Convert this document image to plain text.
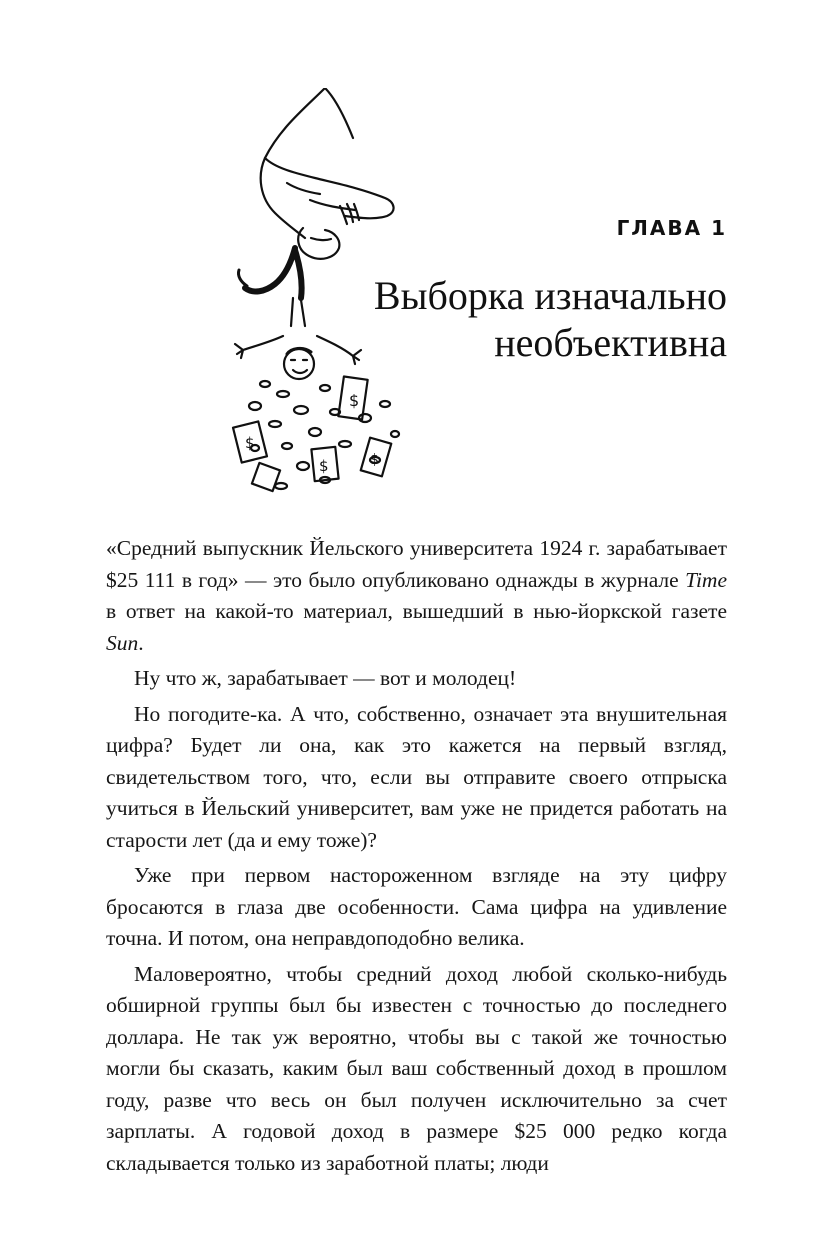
$
$
$	$
ГЛАВА 1
Выборка изначально
необъективна

«Средний выпускник Йельского университета 1924 г. зарабатывает $25 111 в год» — это было опубликовано однажды в журнале Time в ответ на какой-то материал, вышедший в нью-йоркской газете Sun.

Ну что ж, зарабатывает — вот и молодец!

Но погодите-ка. А что, собственно, означает эта внушительная цифра? Будет ли она, как это кажется на первый взгляд, свидетельством того, что, если вы отправите своего отпрыска учиться в Йельский университет, вам уже не придется работать на старости лет (да и ему тоже)?

Уже при первом настороженном взгляде на эту цифру бросаются в глаза две особенности. Сама цифра на удивление точна. И потом, она неправдоподобно велика.

Маловероятно, чтобы средний доход любой сколько-нибудь обширной группы был бы известен с точностью до последнего доллара. Не так уж вероятно, чтобы вы с такой же точностью могли бы сказать, каким был ваш собственный доход в прошлом году, разве что весь он был получен исключительно за счет зарплаты. А годовой доход в размере $25 000 редко когда складывается только из заработной платы; люди
